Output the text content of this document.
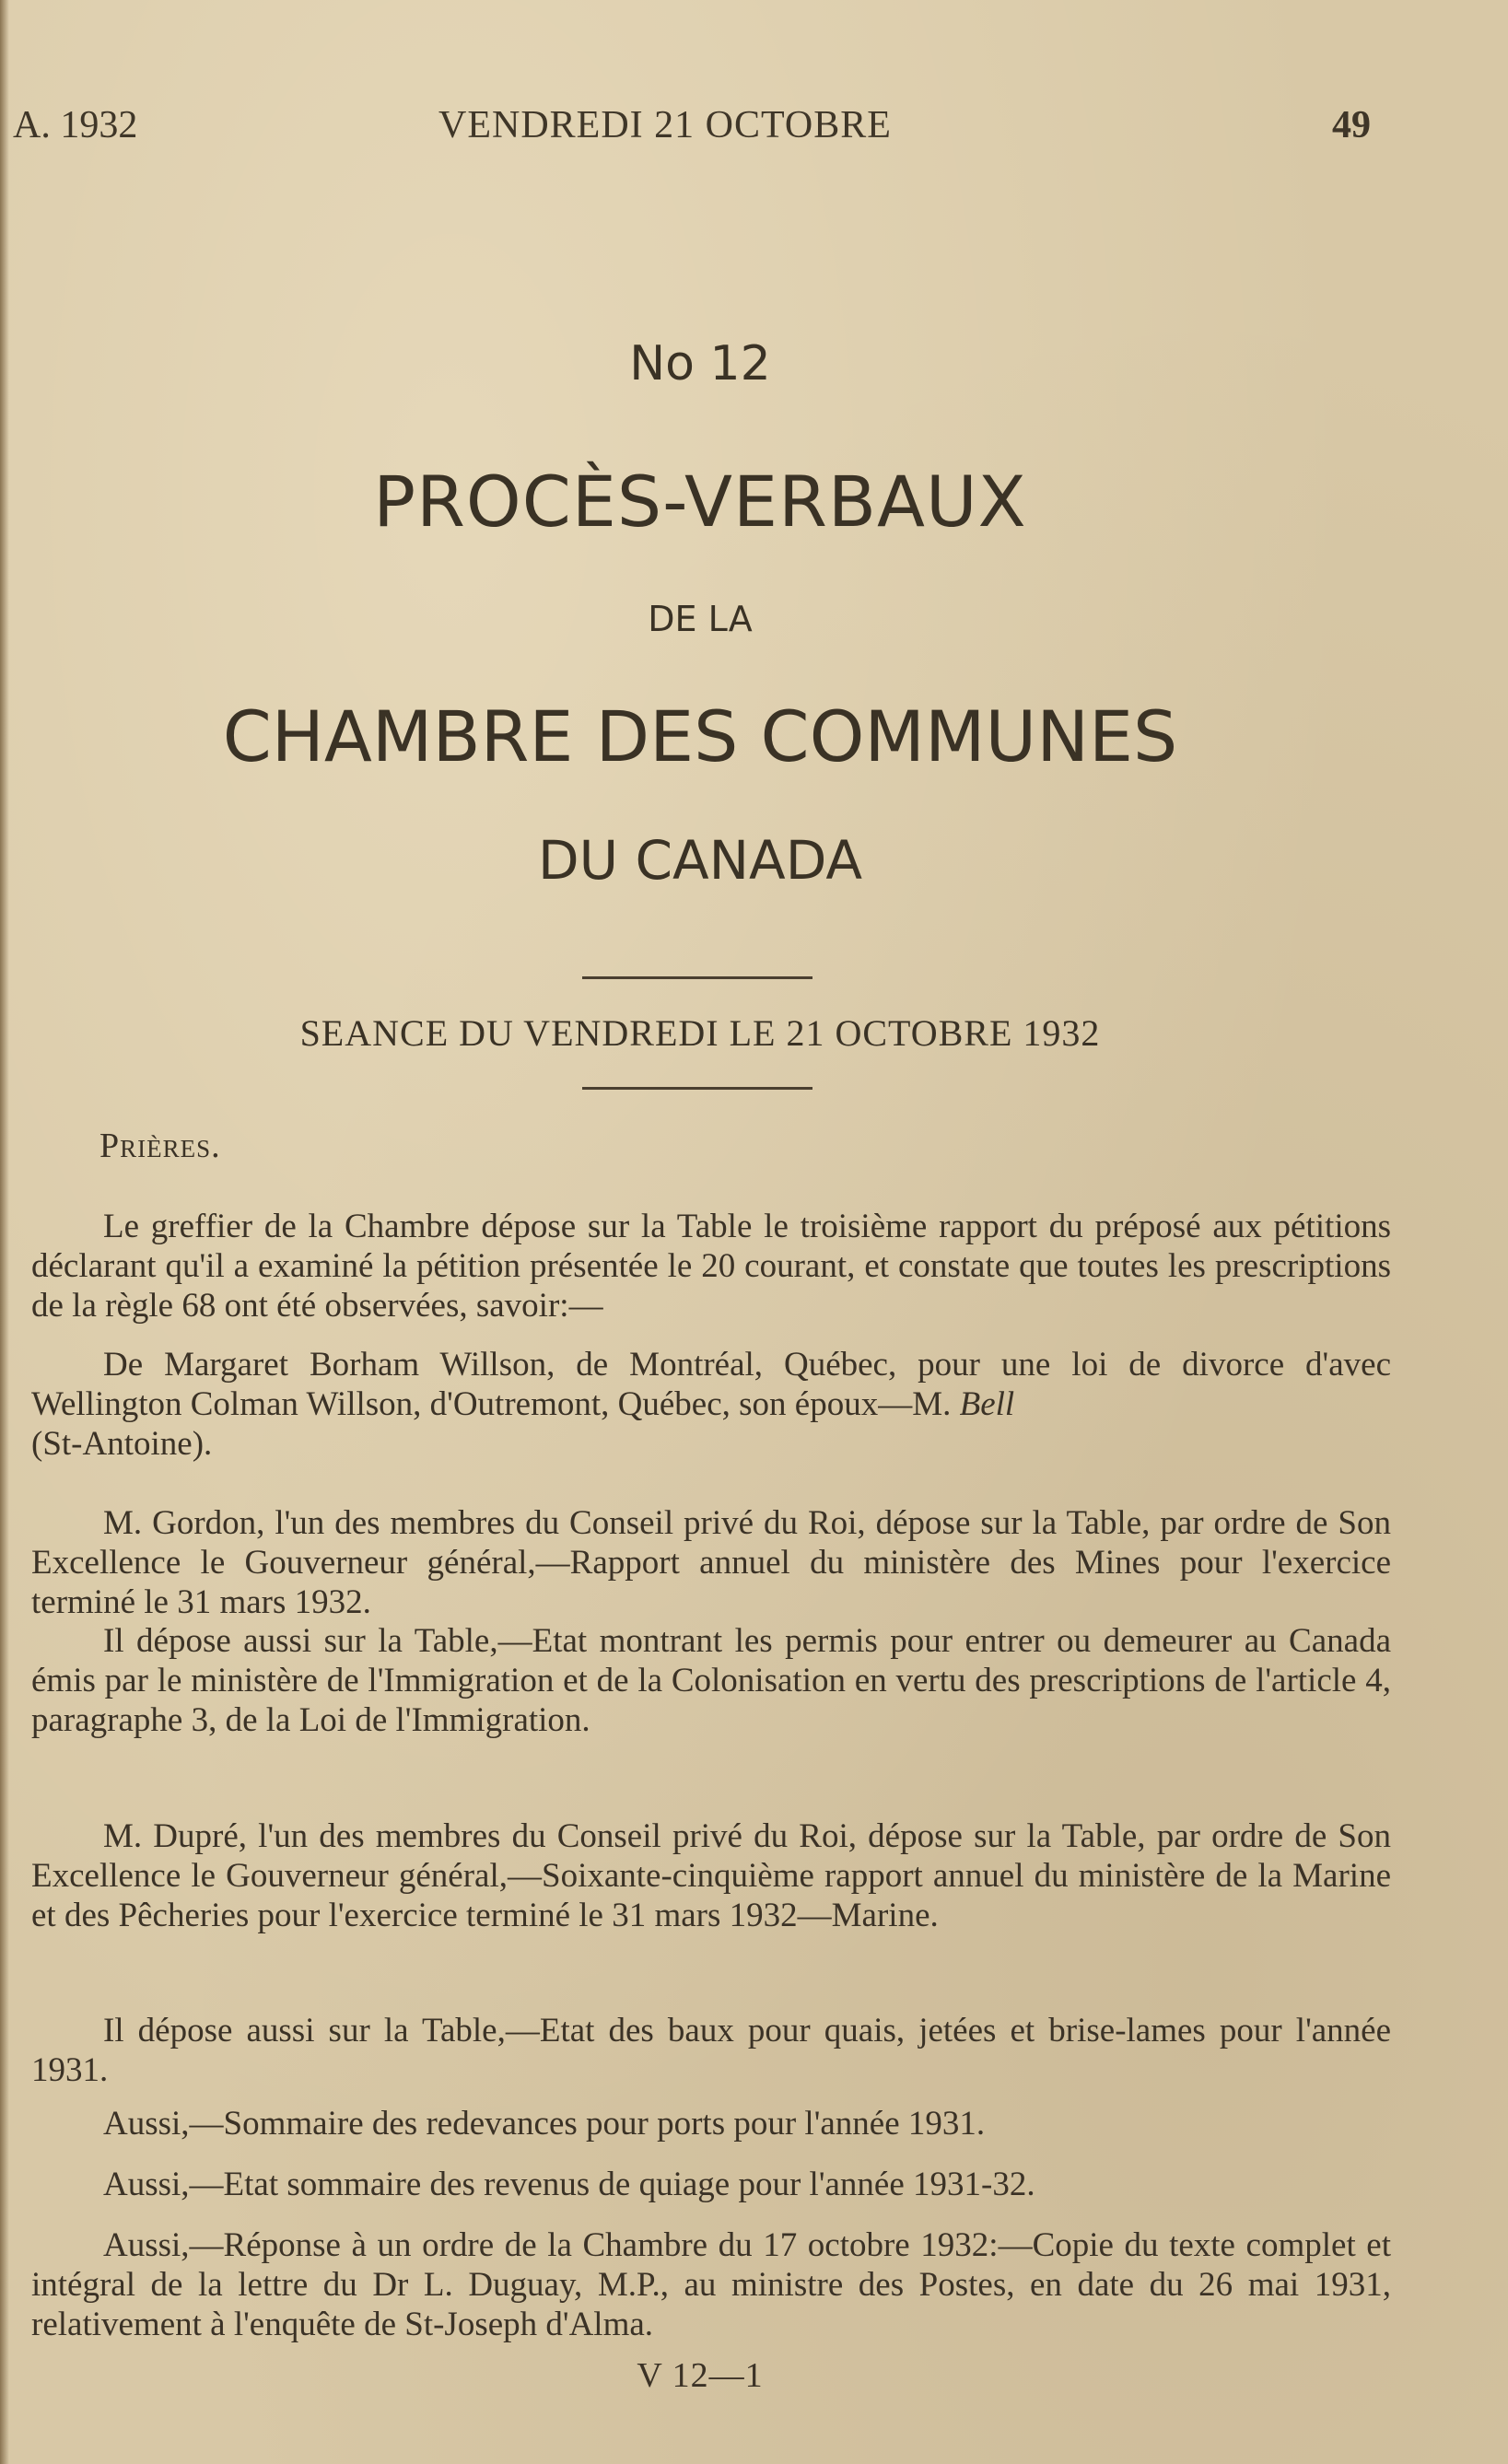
A. 1932	VENDREDI 21 OCTOBRE	49
No 12
PROCÈS-VERBAUX
DE LA
CHAMBRE DES COMMUNES
DU CANADA
SEANCE DU VENDREDI LE 21 OCTOBRE 1932
Prières.
Le greffier de la Chambre dépose sur la Table le troisième rapport du préposé aux pétitions déclarant qu'il a examiné la pétition présentée le 20 courant, et constate que toutes les prescriptions de la règle 68 ont été observées, savoir:—
De Margaret Borham Willson, de Montréal, Québec, pour une loi de divorce d'avec Wellington Colman Willson, d'Outremont, Québec, son époux—M. Bell
(St-Antoine).
M. Gordon, l'un des membres du Conseil privé du Roi, dépose sur la Table, par ordre de Son Excellence le Gouverneur général,—Rapport annuel du ministère des Mines pour l'exercice terminé le 31 mars 1932.
Il dépose aussi sur la Table,—Etat montrant les permis pour entrer ou demeurer au Canada émis par le ministère de l'Immigration et de la Colonisation en vertu des prescriptions de l'article 4, paragraphe 3, de la Loi de l'Immigration.
M. Dupré, l'un des membres du Conseil privé du Roi, dépose sur la Table, par ordre de Son Excellence le Gouverneur général,—Soixante-cinquième rapport annuel du ministère de la Marine et des Pêcheries pour l'exercice terminé le 31 mars 1932—Marine.
Il dépose aussi sur la Table,—Etat des baux pour quais, jetées et brise-lames pour l'année 1931.
Aussi,—Sommaire des redevances pour ports pour l'année 1931.
Aussi,—Etat sommaire des revenus de quiage pour l'année 1931-32.
Aussi,—Réponse à un ordre de la Chambre du 17 octobre 1932:—Copie du texte complet et intégral de la lettre du Dr L. Duguay, M.P., au ministre des Postes, en date du 26 mai 1931, relativement à l'enquête de St-Joseph d'Alma.
V 12—1
